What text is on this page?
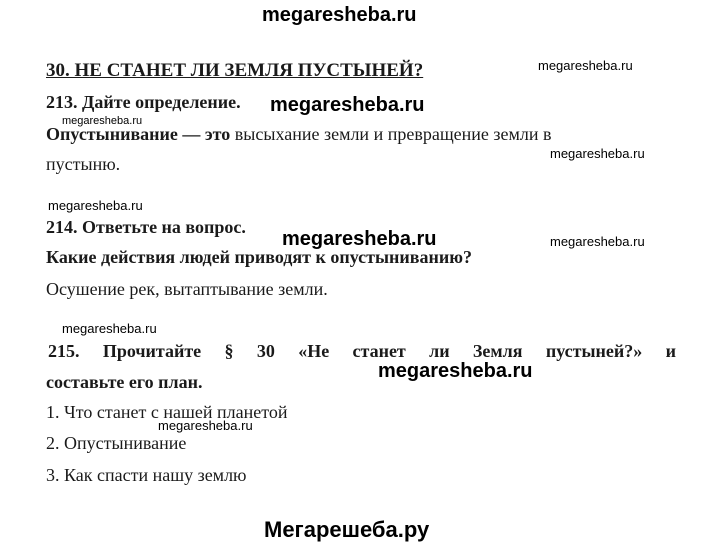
megaresheba.ru
30. НЕ СТАНЕТ ЛИ ЗЕМЛЯ ПУСТЫНЕЙ?	megaresheba.ru
213. Дайте определение. megaresheba.ru
megaresheba.ru
Опустынивание — это высыхание земли и превращение земли в
пустыню.
megaresheba.ru
megaresheba.ru
214. Ответьте на вопрос.
megaresheba.ru	megaresheba.ru
Какие действия людей приводят к опустыниванию?
Осушение рек, вытаптывание земли.
megaresheba.ru
215. Прочитайте § 30 «Не станет ли Земля пустыней?» и
megaresheba.ru
составьте его план.
1. Что станет с нашей планетой
megaresheba.ru
2. Опустынивание
3. Как спасти нашу землю
Мегарешеба.ру
